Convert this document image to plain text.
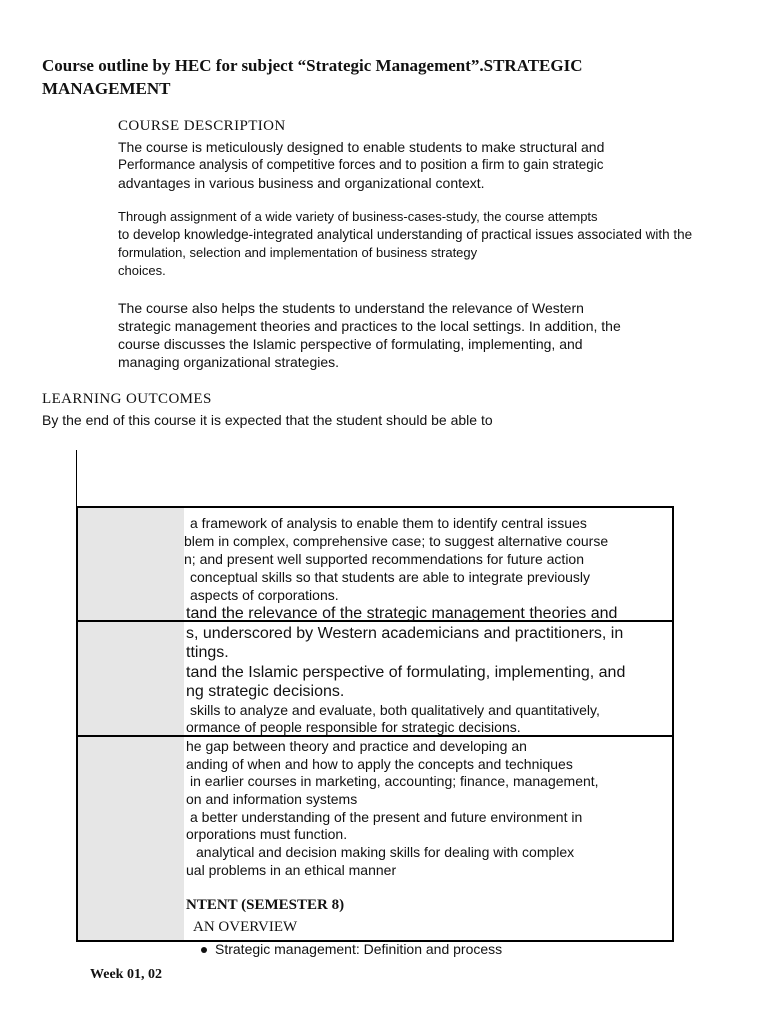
Course outline by HEC for subject “Strategic Management”.STRATEGIC MANAGEMENT
COURSE DESCRIPTION
The course is meticulously designed to enable students to make structural and
Performance analysis of competitive forces and to position a firm to gain strategic
advantages in various business and organizational context.
Through assignment of a wide variety of business-cases-study, the course attempts
to develop knowledge-integrated analytical understanding of practical issues associated with the
formulation, selection and implementation of business strategy
choices.
The course also helps the students to understand the relevance of Western
strategic management theories and practices to the local settings. In addition, the
course discusses the Islamic perspective of formulating, implementing, and
managing organizational strategies.
LEARNING OUTCOMES
By the end of this course it is expected that the student should be able to
a framework of analysis to enable them to identify central issues
blem in complex, comprehensive case; to suggest alternative course
n; and present well supported recommendations for future action
conceptual skills so that students are able to integrate previously
aspects of corporations.
tand the relevance of the strategic management theories and
s, underscored by Western academicians and practitioners, in
ttings.
tand the Islamic perspective of formulating, implementing, and
ng strategic decisions.
skills to analyze and evaluate, both qualitatively and quantitatively,
ormance of people responsible for strategic decisions.
he gap between theory and practice and developing an
anding of when and how to apply the concepts and techniques
in earlier courses in marketing, accounting; finance, management,
on and information systems
a better understanding of the present and future environment in
orporations must function.
analytical and decision making skills for dealing with complex
ual problems in an ethical manner
NTENT (SEMESTER 8)
AN OVERVIEW
Strategic management: Definition and process
Week 01, 02
